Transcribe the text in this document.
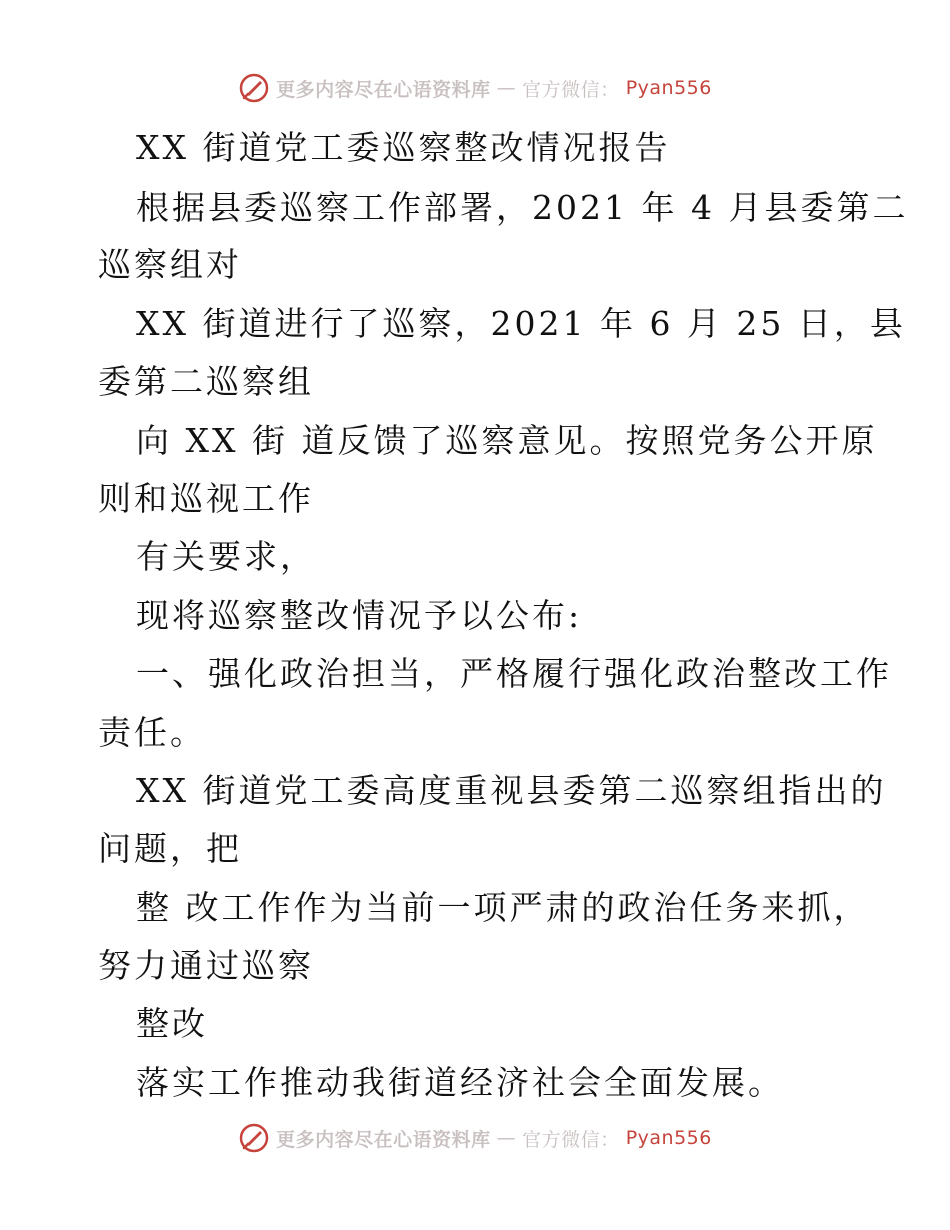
更多内容尽在心语资料库 — 官方微信： Pyan556
XX 街道党工委巡察整改情况报告
根据县委巡察工作部署，2021 年 4 月县委第二
巡察组对
XX 街道进行了巡察，2021 年 6 月 25 日，县
委第二巡察组
向 XX 街 道反馈了巡察意见。按照党务公开原
则和巡视工作
有关要求，
现将巡察整改情况予以公布:
一、强化政治担当，严格履行强化政治整改工作
责任。
XX 街道党工委高度重视县委第二巡察组指出的
问题，把
整 改工作作为当前一项严肃的政治任务来抓，
努力通过巡察
整改
落实工作推动我街道经济社会全面发展。
更多内容尽在心语资料库 — 官方微信： Pyan556
